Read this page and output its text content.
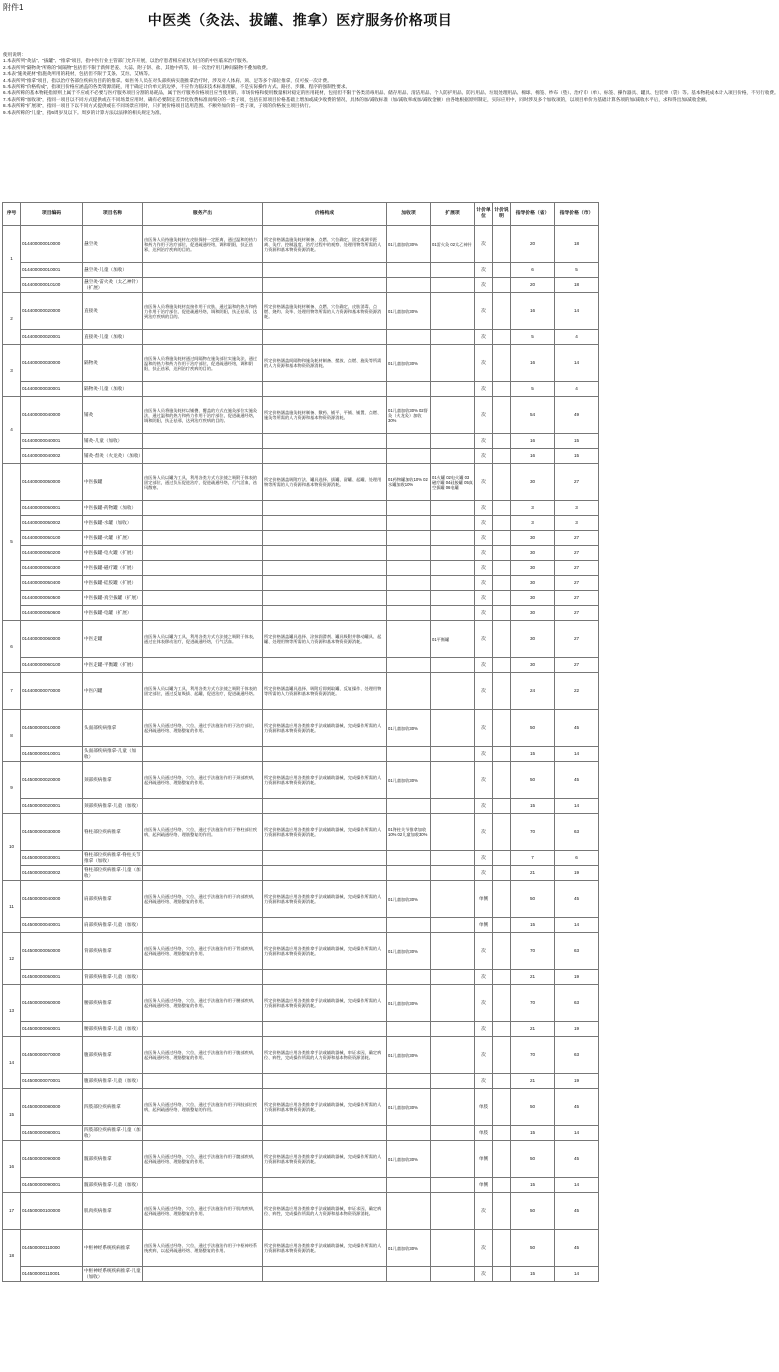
附件1
中医类（灸法、拔罐、推拿）医疗服务价格项目
使用说明：
1.本表所列"灸法"、"拔罐"、"推拿"项目，指中医行业主管部门允许开展，以治疗患者相应症状为目的的中医临床治疗服务。
2.本表所列"隔物灸"所称的"间隔物"包括但不限于新鲜老姜、大蒜、附子饼、盐、其他中药等，同一次治疗用几种间隔物不叠加收费。
3.本表"施灸耗材"指施灸所用的耗材，包括但不限于艾条、艾炷、艾绒等。
4.本表所列"推拿"项目，指以治疗各部位疾病为目的的推拿。如医务人员在对头部疾病实施推拿治疗时，涉及对人体肩、颈、足等多个部位推拿，仅可按一次计费。
5.本表所称"价格构成"，指项目价格应涵盖的各类资源消耗，用于确定计价单元的边界，不应作为临床技术标准理解，不是实际操作方式、路径、步骤、程序的强制性要求。
6.本表所称的基本物耗指原则上属于不应或不必要与医疗服务项目分割的易耗品，属于医疗服务价格项目应当使用的、市场价格和使用数量相对稳定的医用耗材，包括但不限于各类消毒用品、储存用品、清洁用品、个人防护用品、防污用品、垃圾处理用品、棉球、棉签、纱布（垫）、治疗巾（单）、标签、操作器具、罐具、包装单（袋）等。基本物耗成本计入项目价格，不另行收费。
7.本表所称"加收项"，指同一项目以不同方式提供或在不同场景应用时，确有必要制定差异化收费标准而细分的一类子项，包括在原项目价格基础上增加或减少收费的情况，具体的加/减收标准（加/减收率或加/减收金额）由各地根据原则制定，实际应用中，同时涉及多个加收项的，以项目单价为基础计算各项的加/减收水平后，求和得出加/减收金额。
8.本表所称"扩展项"，指同一项目下以不同方式提供或在不同场景应用时，只扩展价格项目适用范围、不额外加价的一类子项，子项的价格按主项目执行。
9.本表所称的"儿童"，指6周岁及以下。周岁的计算方法以法律的相关规定为准。
序号	项目编码	项目名称	服务产出	价格构成	加收项	扩展项	计价单位	计价说明	指导价格（省）	指导价格（市）
1	014400000010000	悬空灸	由医务人员持施灸耗材在皮肤保持一定距离，通过温和的热力和药力作用于治疗部位，促进疏通经络，调和阴阳，扶正祛邪，达到治疗疾病的目的。	所定价格涵盖施灸耗材制备、点燃、穴位确定、固定或调节距离、灸疗、控制温度、治疗过程中的观察、处理用物等所需的人力资源和基本物资资源消耗。	01儿童加收30%	01雷火灸 02太乙神针	次		20	18
	014400000010001	悬空灸-儿童（加收）					次		6	5
	014400000010100	悬空灸-雷火灸（太乙神针）（扩展）					次		20	18
2	014400000020000	直接灸	由医务人员将施灸耗材直接作用于皮肤，通过温和的热力和药力作用于治疗部位，促进疏通经络，调和阴阳，扶正祛邪，达到治疗疾病的目的。	所定价格涵盖施灸耗材制备、点燃、穴位确定、皮肤消毒、点燃、烧灼、灸毕、处理用物等所需的人力资源和基本物资资源消耗。	01儿童加收30%		次		16	14
	014400000020001	直接灸-儿童（加收）					次		5	4
3	014400000030000	隔物灸	由医务人员将施灸耗材通过间隔物在施灸部位实施灸法，通过温和的热力和药力作用于治疗部位，促进疏通经络，调和阴阳，扶正祛邪，达到治疗疾病的目的。	所定价格涵盖间隔物和施灸耗材制备、摆放、点燃、施灸等所需的人力资源和基本物资资源消耗。	01儿童加收30%		次		16	14
	014400000030001	隔物灸-儿童（加收）					次		5	4
4	014400000040000	铺灸	由医务人员将施灸耗材以铺叠、覆盖的方式在施灸部位实施灸法，通过温和的热力和药力作用于治疗部位，促进疏通经络，调和阴阳，扶正祛邪，达到治疗疾病的目的。	所定价格涵盖施灸耗材制备、敷药、铺平、平铺、铺置、点燃、施灸等所需的人力资源和基本物资资源消耗。	01儿童加收30% 02督灸（火龙灸）加收30%		次		54	49
	014400000040001	铺灸-儿童（加收）					次		16	15
	014400000040002	铺灸-督灸（火龙灸）（加收）					次		16	15
5	014400000050000	中医拔罐	由医务人员以罐为工具，利用各类方式方法使之吸附于体表的固定部位，通过负压促进治疗，促进疏通经络，行气活血，祛风散寒。	所定价格涵盖吸附疗法、罐具选择、拔罐、留罐、起罐、处理用物等所需的人力资源和基本物资资源消耗。	01药物罐加收10% 02水罐加收10%	01火罐 02电火罐 03磁疗罐 04硅胶罐 05真空拔罐 06电罐	次		30	27
	014400000050001	中医拔罐-药物罐（加收）					次		3	3
	014400000050002	中医拔罐-水罐（加收）					次		3	3
	014400000050100	中医拔罐-火罐（扩展）					次		30	27
	014400000050200	中医拔罐-电火罐（扩展）					次		30	27
	014400000050300	中医拔罐-磁疗罐（扩展）					次		30	27
	014400000050400	中医拔罐-硅胶罐（扩展）					次		30	27
	014400000050500	中医拔罐-真空拔罐（扩展）					次		30	27
	014400000050600	中医拔罐-电罐（扩展）					次		30	27
6	014400000060000	中医走罐	由医务人员以罐为工具，利用各类方式方法使之吸附于体表，通过在体表移动治疗，促进疏通经络，行气活血。	所定价格涵盖罐具选择、涂抹润滑剂、罐具吸附并移动罐具、起罐、处理用物等所需的人力资源和基本物资资源消耗。		01平衡罐	次		30	27
	014400000060100	中医走罐-平衡罐（扩展）					次		30	27
7	014400000070000	中医闪罐	由医务人员以罐为工具，利用各类方式方法使之吸附于体表的固定部位，通过反复吸拔、起罐，促进治疗，促进疏通经络。	所定价格涵盖罐具选择、吸附后即刻取罐、反复操作、处理用物等所需的人力资源和基本物资资源消耗。			次		24	22
8	014500000010000	头面部疾病推拿	由医务人员通过经络、穴位，通过手法施治作用于治疗部位，起到疏通经络、理筋整复的作用。	所定价格涵盖应用各类推拿手法或辅助器械，完成操作所需的人力资源和基本物资资源消耗。	01儿童加收30%		次		50	45
	014500000010001	头面部疾病推拿-儿童（加收）					次		15	14
9	014500000020000	颈部疾病推拿	由医务人员通过经络、穴位，通过手法施治作用于颈部疾病，起到疏通经络、理筋整复的作用。	所定价格涵盖应用各类推拿手法或辅助器械，完成操作所需的人力资源和基本物资资源消耗。	01儿童加收30%		次		50	45
	014500000020001	颈部疾病推拿-儿童（加收）					次		15	14
10	014500000030000	脊柱部位疾病推拿	由医务人员通过经络、穴位，通过手法施治作用于脊柱部位疾病，起到疏通经络、理筋整复的作用。	所定价格涵盖应用各类推拿手法或辅助器械，完成操作所需的人力资源和基本物资资源消耗。	01脊柱关节推拿加收10% 02儿童加收30%		次		70	63
	014500000030001	脊柱部位疾病推拿-脊柱关节推拿（加收）					次		7	6
	014500000030002	脊柱部位疾病推拿-儿童（加收）					次		21	19
11	014500000040000	肩部疾病推拿	由医务人员通过经络、穴位，通过手法施治作用于肩部疾病，起到疏通经络、理筋整复的作用。	所定价格涵盖应用各类推拿手法或辅助器械，完成操作所需的人力资源和基本物资资源消耗。	01儿童加收30%		单侧		50	45
	014500000040001	肩部疾病推拿-儿童（加收）					单侧		15	14
12	014500000050000	背部疾病推拿	由医务人员通过经络、穴位，通过手法施治作用于背部疾病，起到疏通经络、理筋整复的作用。	所定价格涵盖应用各类推拿手法或辅助器械，完成操作所需的人力资源和基本物资资源消耗。	01儿童加收30%		次		70	63
	014500000050001	背部疾病推拿-儿童（加收）					次		21	19
13	014500000060000	腰部疾病推拿	由医务人员通过经络、穴位，通过手法施治作用于腰部疾病，起到疏通经络、理筋整复的作用。	所定价格涵盖应用各类推拿手法或辅助器械，完成操作所需的人力资源和基本物资资源消耗。	01儿童加收30%		次		70	63
	014500000060001	腰部疾病推拿-儿童（加收）					次		21	19
14	014500000070000	腹部疾病推拿	由医务人员通过经络、穴位，通过手法施治作用于腹部疾病，起到疏通经络、理筋整复的作用。	所定价格涵盖应用各类推拿手法或辅助器械，审证求因，确定病位、病性，完成操作所需的人力资源和基本物资资源消耗。	01儿童加收30%		次		70	63
	014500000070001	腹部疾病推拿-儿童（加收）					次		21	19
15	014500000080000	四肢部位疾病推拿	由医务人员通过经络、穴位，通过手法施治作用于四肢部位疾病，起到疏通经络、理筋整复的作用。	所定价格涵盖应用各类推拿手法或辅助器械，完成操作所需的人力资源和基本物资资源消耗。	01儿童加收30%		单肢		50	45
	014500000080001	四肢部位疾病推拿-儿童（加收）					单肢		15	14
16	014500000090000	髋部疾病推拿	由医务人员通过经络、穴位，通过手法施治作用于髋部疾病，起到疏通经络、理筋整复的作用。	所定价格涵盖应用各类推拿手法或辅助器械，完成操作所需的人力资源和基本物资资源消耗。	01儿童加收30%		单侧		50	45
	014500000090001	髋部疾病推拿-儿童（加收）					单侧		15	14
17	014500000100000	肌肉疾病推拿	由医务人员通过经络、穴位，通过手法施治作用于肌肉疾病，起到疏通经络、理筋整复的作用。	所定价格涵盖应用各类推拿手法或辅助器械，审证求因，确定病位、病性，完成操作所需的人力资源和基本物资资源消耗。			次		50	45
18	014500000110000	中枢神经系统疾病推拿	由医务人员通过经络、穴位，通过手法施治作用于中枢神经系统疾病，以起到疏通经络、理筋整复的作用。	所定价格涵盖应用各类推拿手法或辅助器械，完成操作所需的人力资源和基本物资资源消耗。	01儿童加收30%		次		50	45
	014500000110001	中枢神经系统疾病推拿-儿童（加收）					次		15	14
